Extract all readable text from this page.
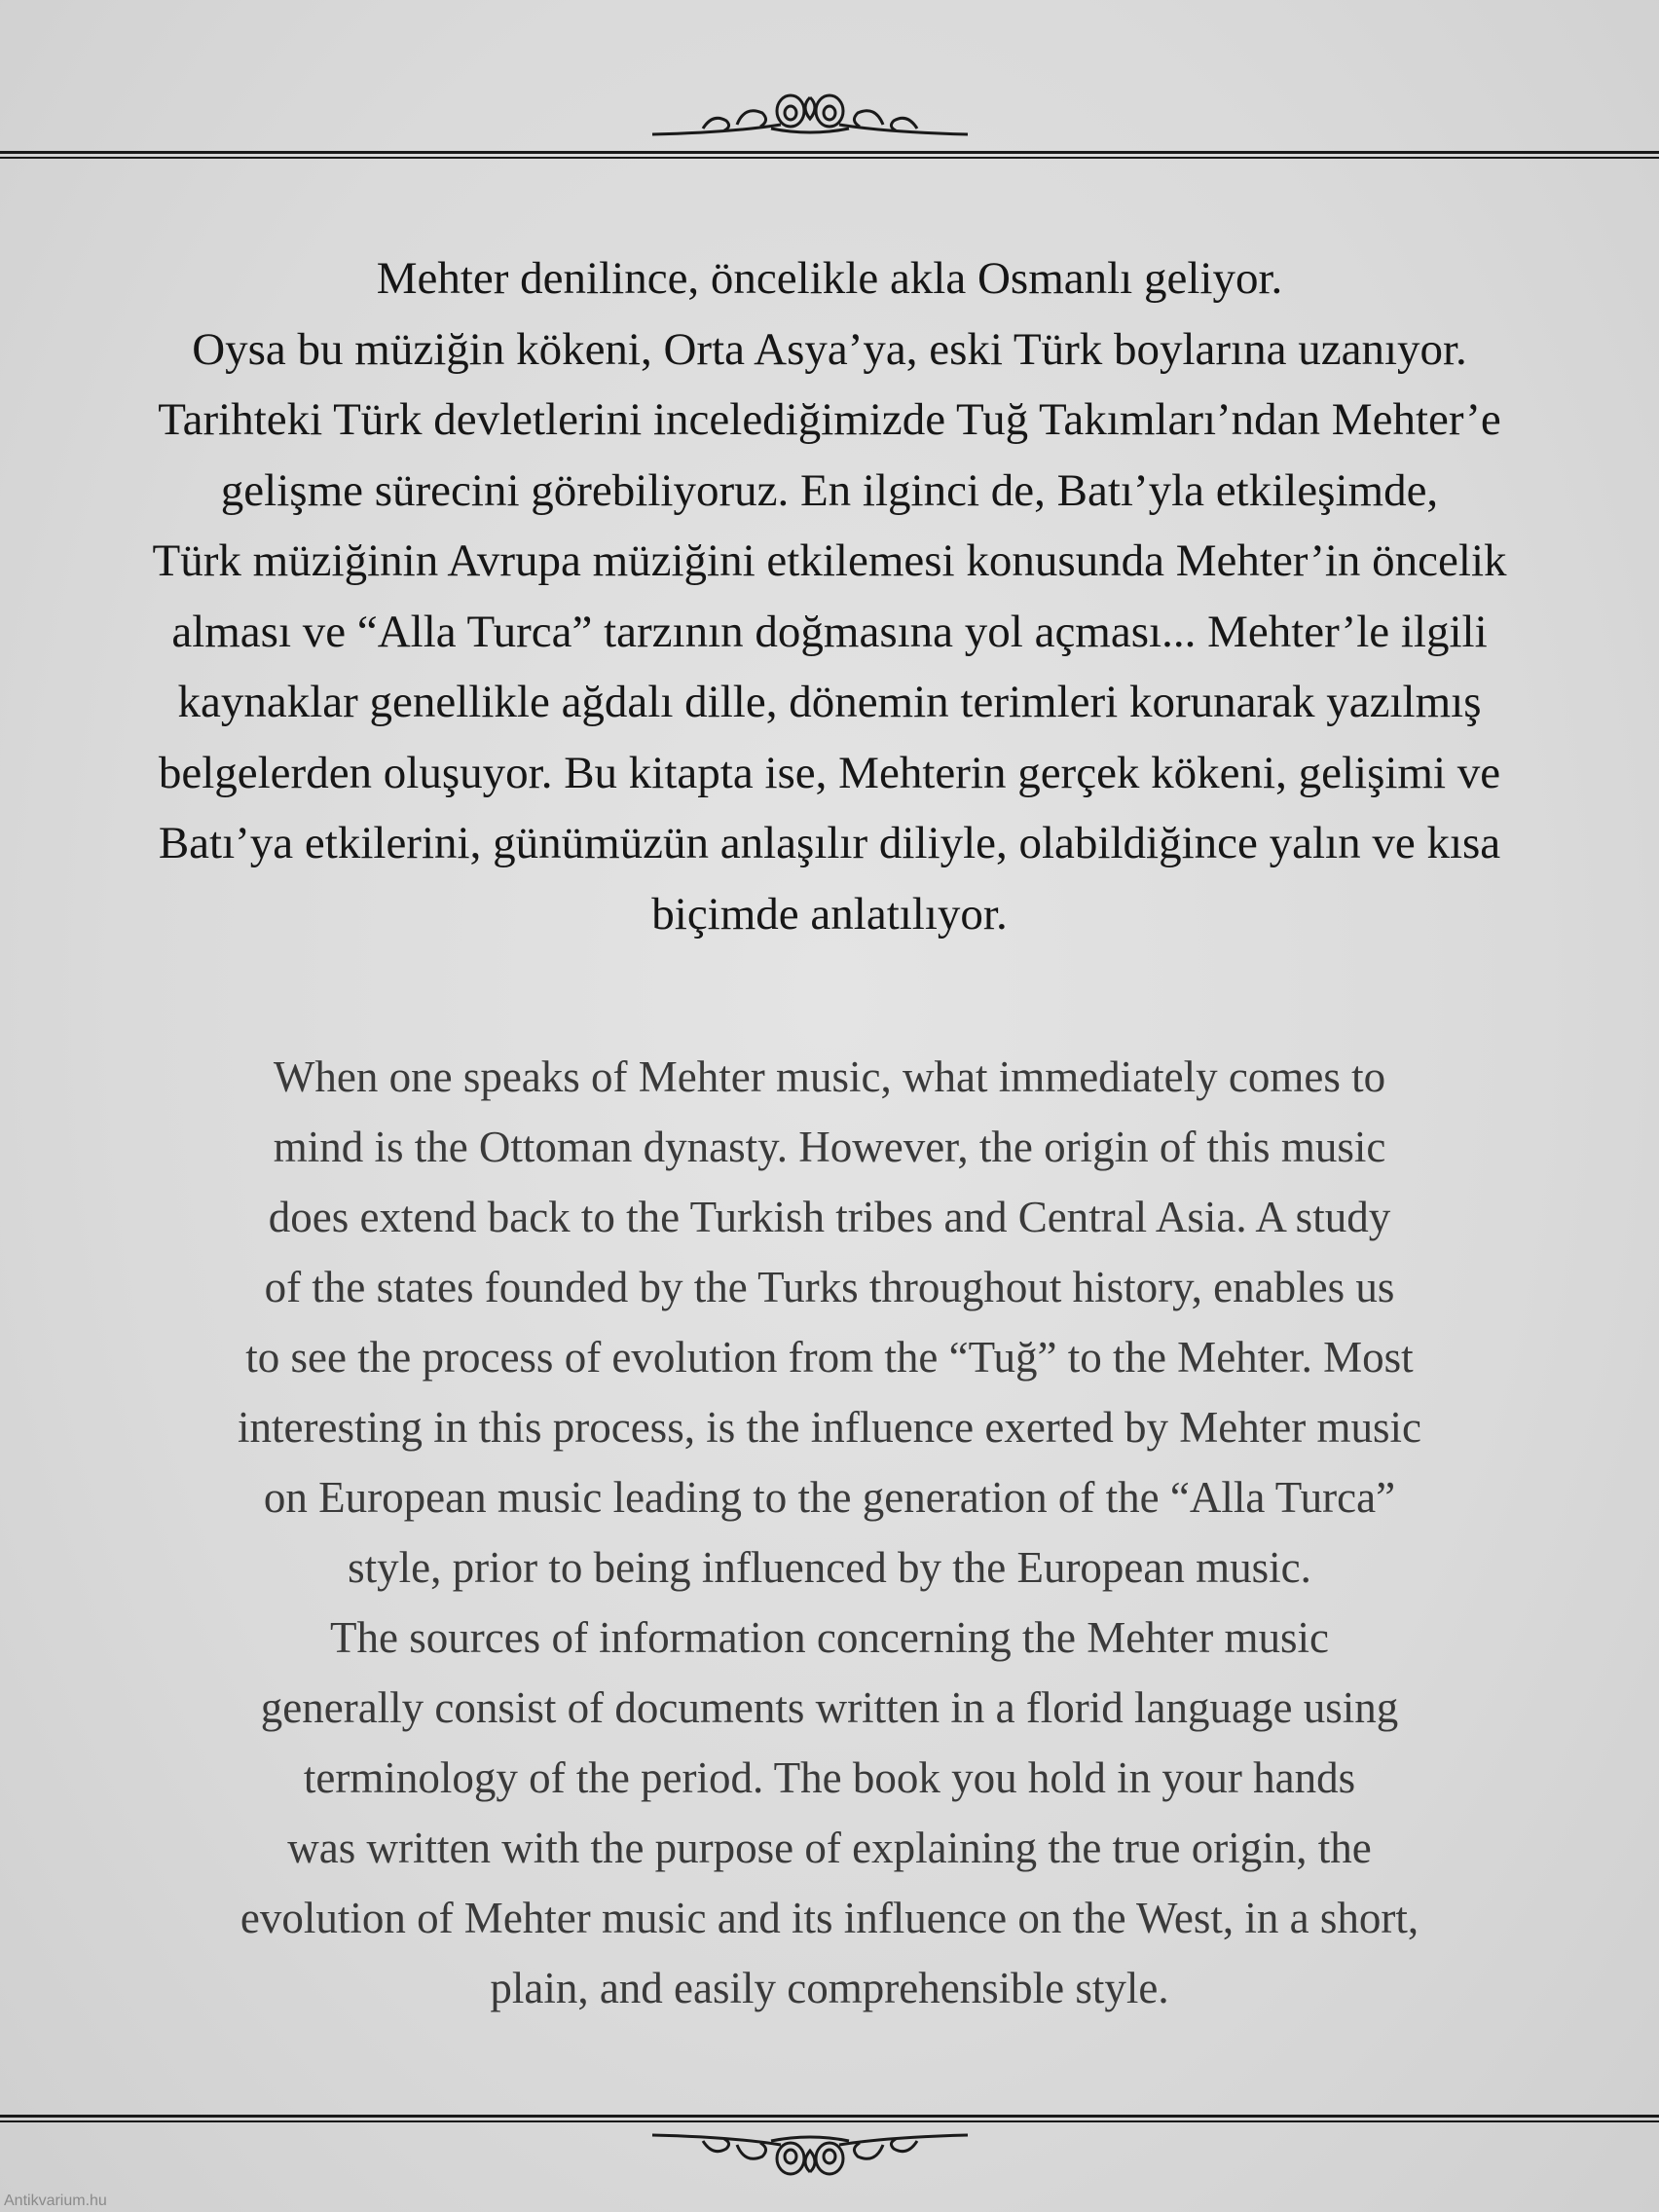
Mehter denilince, öncelikle akla Osmanlı geliyor.
Oysa bu müziğin kökeni, Orta Asya’ya, eski Türk boylarına uzanıyor.
Tarihteki Türk devletlerini incelediğimizde Tuğ Takımları’ndan Mehter’e
gelişme sürecini görebiliyoruz. En ilginci de, Batı’yla etkileşimde,
Türk müziğinin Avrupa müziğini etkilemesi konusunda Mehter’in öncelik
alması ve “Alla Turca” tarzının doğmasına yol açması... Mehter’le ilgili
kaynaklar genellikle ağdalı dille, dönemin terimleri korunarak yazılmış
belgelerden oluşuyor. Bu kitapta ise, Mehterin gerçek kökeni, gelişimi ve
Batı’ya etkilerini, günümüzün anlaşılır diliyle, olabildiğince yalın ve kısa
biçimde anlatılıyor.
When one speaks of Mehter music, what immediately comes to
mind is the Ottoman dynasty. However, the origin of this music
does extend back to the Turkish tribes and Central Asia. A study
of the states founded by the Turks throughout history, enables us
to see the process of evolution from the “Tuğ” to the Mehter. Most
interesting in this process, is the influence exerted by Mehter music
on European music leading to the generation of the “Alla Turca”
style, prior to being influenced by the European music.
The sources of information concerning the Mehter music
generally consist of documents written in a florid language using
terminology of the period. The book you hold in your hands
was written with the purpose of explaining the true origin, the
evolution of Mehter music and its influence on the West, in a short,
plain, and easily comprehensible style.
Antikvarium.hu
